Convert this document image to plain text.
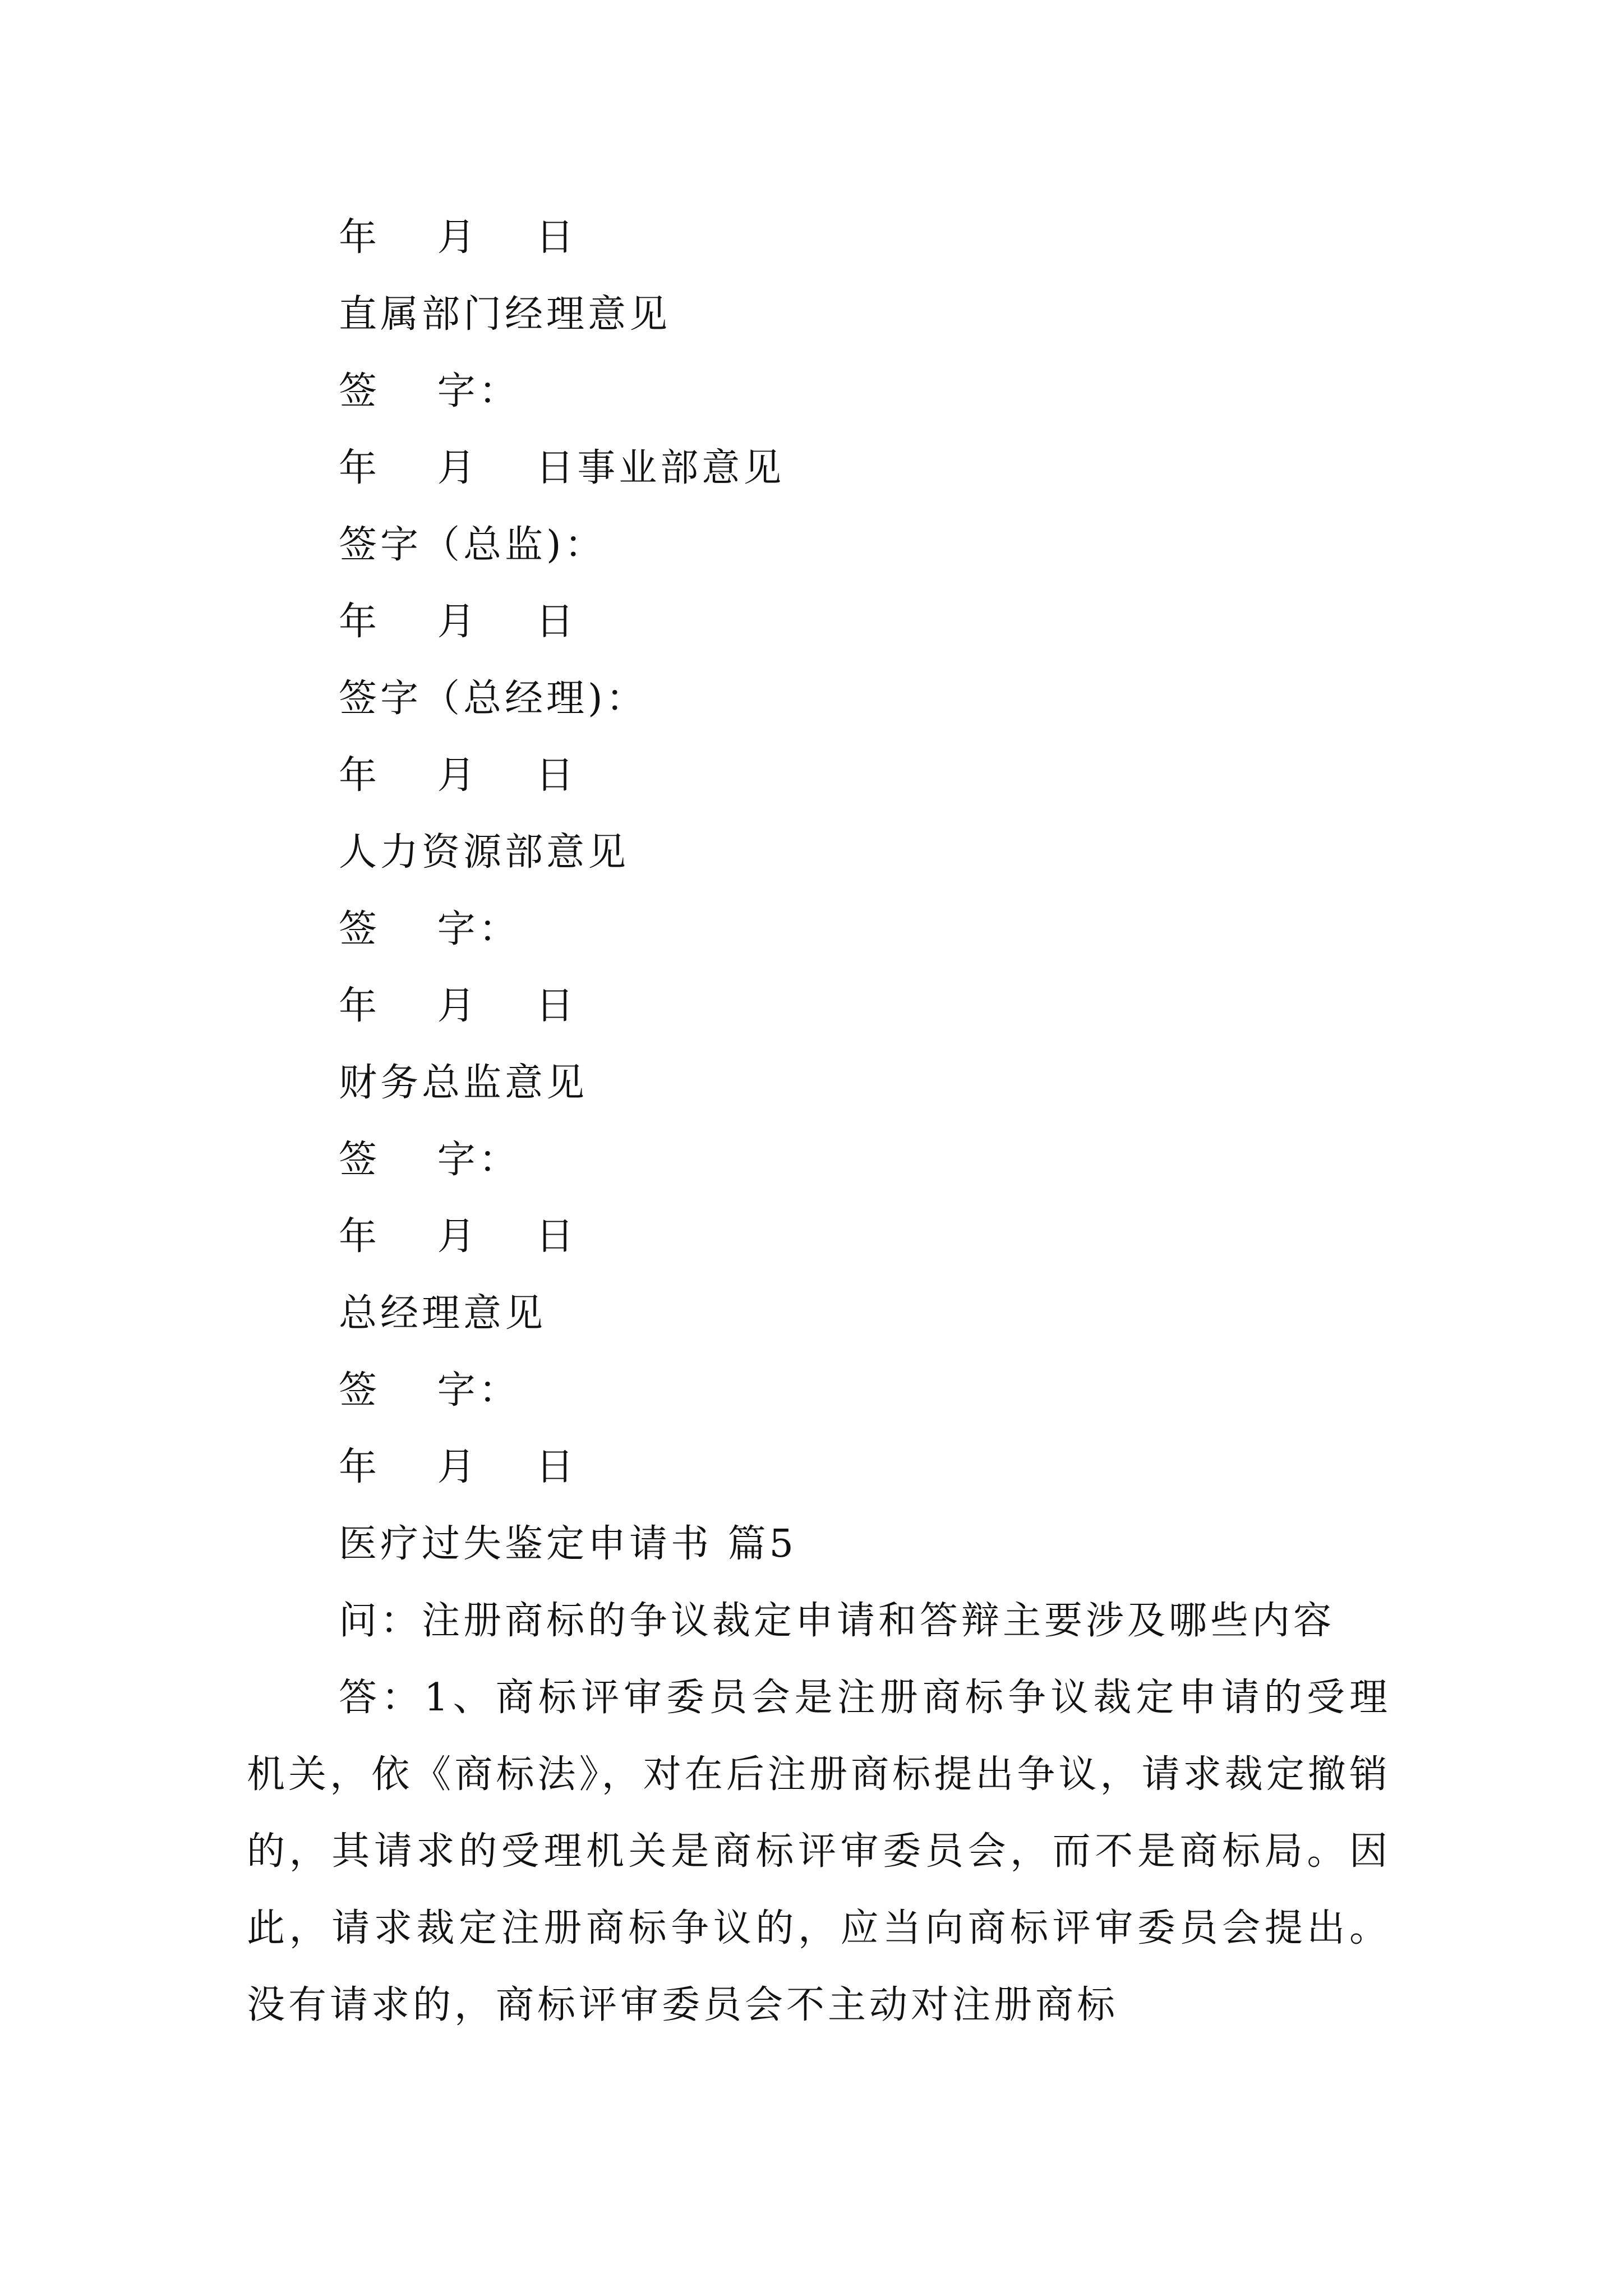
年　 月　 日
直属部门经理意见
签　 字：
年　 月　 日事业部意见
签字（总监)：
年　 月　 日
签字（总经理)：
年　 月　 日
人力资源部意见
签　 字：
年　 月　 日
财务总监意见
签　 字：
年　 月　 日
总经理意见
签　 字：
年　 月　 日
医疗过失鉴定申请书 篇5
问：注册商标的争议裁定申请和答辩主要涉及哪些内容
答：1、商标评审委员会是注册商标争议裁定申请的受理机关，依《商标法》，对在后注册商标提出争议，请求裁定撤销的，其请求的受理机关是商标评审委员会，而不是商标局。因此，请求裁定注册商标争议的，应当向商标评审委员会提出。没有请求的，商标评审委员会不主动对注册商标
